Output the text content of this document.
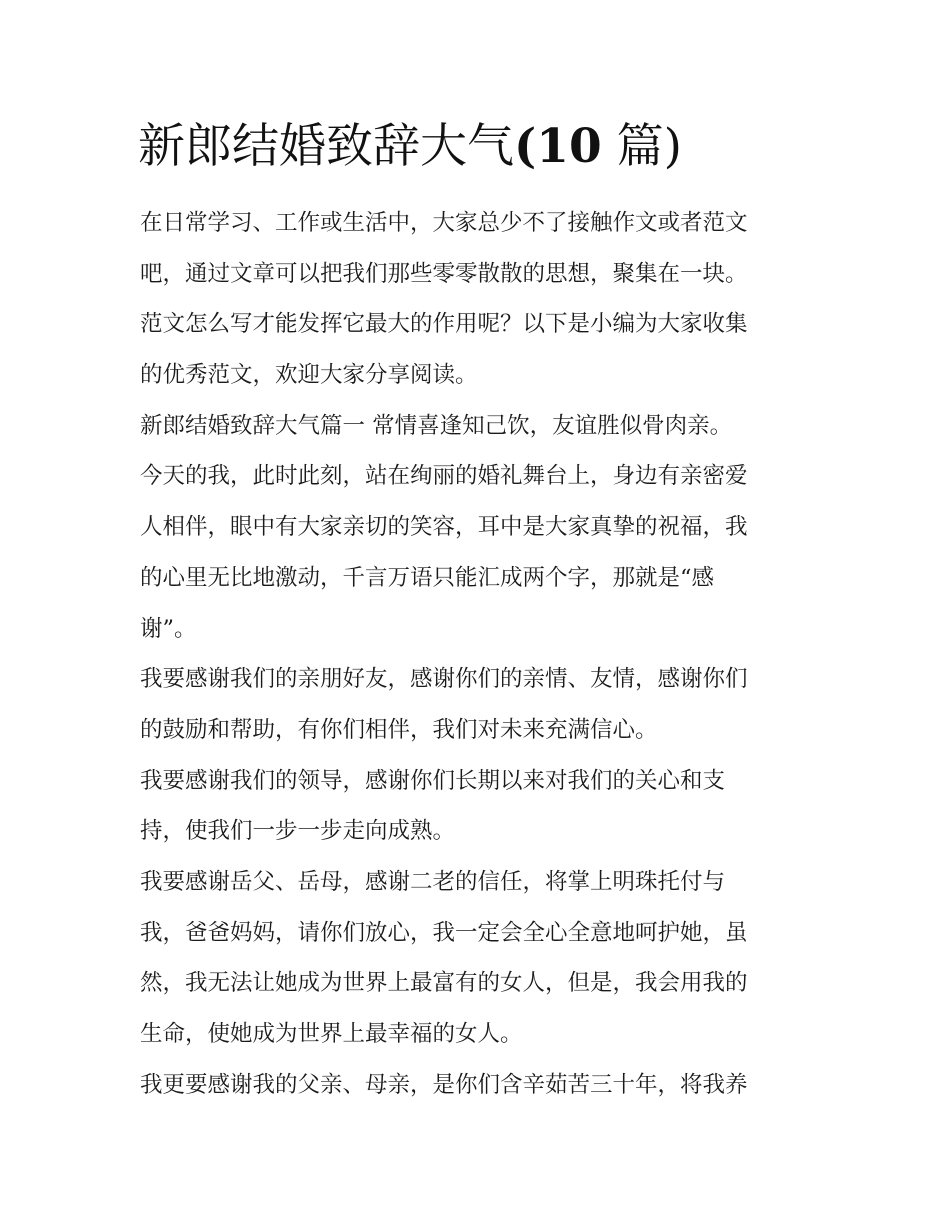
新郎结婚致辞大气(10 篇)
在日常学习、工作或生活中，大家总少不了接触作文或者范文
吧，通过文章可以把我们那些零零散散的思想，聚集在一块。
范文怎么写才能发挥它最大的作用呢？以下是小编为大家收集
的优秀范文，欢迎大家分享阅读。
新郎结婚致辞大气篇一 常情喜逢知己饮，友谊胜似骨肉亲。
今天的我，此时此刻，站在绚丽的婚礼舞台上，身边有亲密爱
人相伴，眼中有大家亲切的笑容，耳中是大家真挚的祝福，我
的心里无比地激动，千言万语只能汇成两个字，那就是“感
谢”。
我要感谢我们的亲朋好友，感谢你们的亲情、友情，感谢你们
的鼓励和帮助，有你们相伴，我们对未来充满信心。
我要感谢我们的领导，感谢你们长期以来对我们的关心和支
持，使我们一步一步走向成熟。
我要感谢岳父、岳母，感谢二老的信任，将掌上明珠托付与
我，爸爸妈妈，请你们放心，我一定会全心全意地呵护她，虽
然，我无法让她成为世界上最富有的女人，但是，我会用我的
生命，使她成为世界上最幸福的女人。
我更要感谢我的父亲、母亲，是你们含辛茹苦三十年，将我养
